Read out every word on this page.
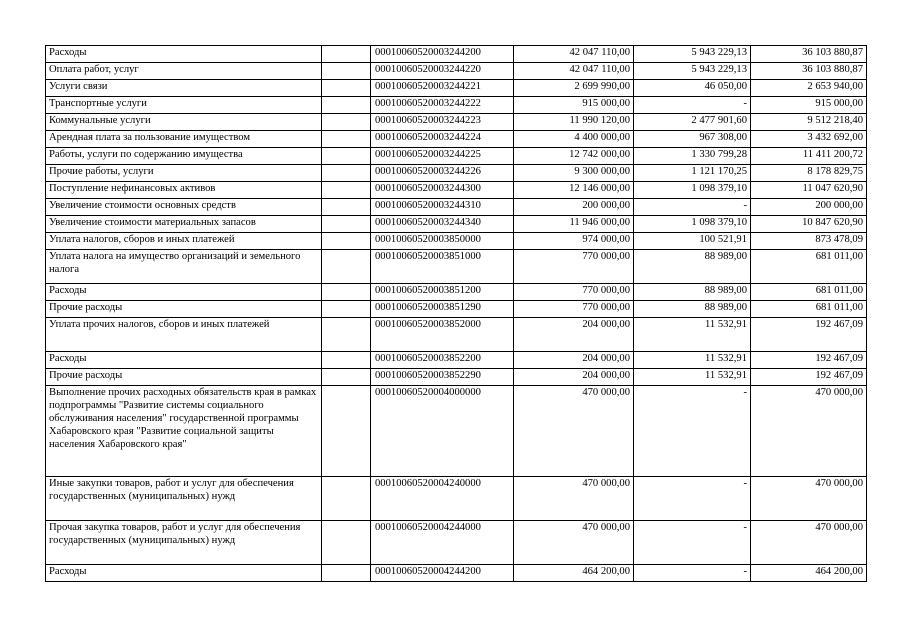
Расходы		00010060520003244200	42 047 110,00	5 943 229,13	36 103 880,87
Оплата работ, услуг		00010060520003244220	42 047 110,00	5 943 229,13	36 103 880,87
Услуги связи		00010060520003244221	2 699 990,00	46 050,00	2 653 940,00
Транспортные услуги		00010060520003244222	915 000,00	-	915 000,00
Коммунальные услуги		00010060520003244223	11 990 120,00	2 477 901,60	9 512 218,40
Арендная плата за пользование имуществом		00010060520003244224	4 400 000,00	967 308,00	3 432 692,00
Работы, услуги по содержанию имущества		00010060520003244225	12 742 000,00	1 330 799,28	11 411 200,72
Прочие работы, услуги		00010060520003244226	9 300 000,00	1 121 170,25	8 178 829,75
Поступление нефинансовых активов		00010060520003244300	12 146 000,00	1 098 379,10	11 047 620,90
Увеличение стоимости основных средств		00010060520003244310	200 000,00	-	200 000,00
Увеличение стоимости материальных запасов		00010060520003244340	11 946 000,00	1 098 379,10	10 847 620,90
Уплата налогов, сборов и иных платежей		00010060520003850000	974 000,00	100 521,91	873 478,09
Уплата налога на имущество организаций и земельного налога		00010060520003851000	770 000,00	88 989,00	681 011,00
Расходы		00010060520003851200	770 000,00	88 989,00	681 011,00
Прочие расходы		00010060520003851290	770 000,00	88 989,00	681 011,00
Уплата прочих налогов, сборов и иных платежей		00010060520003852000	204 000,00	11 532,91	192 467,09
Расходы		00010060520003852200	204 000,00	11 532,91	192 467,09
Прочие расходы		00010060520003852290	204 000,00	11 532,91	192 467,09
Выполнение прочих расходных обязательств края в рамках подпрограммы "Развитие системы социального обслуживания населения" государственной программы Хабаровского края "Развитие социальной защиты населения Хабаровского края"		00010060520004000000	470 000,00	-	470 000,00
Иные закупки товаров, работ и услуг для обеспечения государственных (муниципальных) нужд		00010060520004240000	470 000,00	-	470 000,00
Прочая закупка товаров, работ и услуг для обеспечения государственных (муниципальных) нужд		00010060520004244000	470 000,00	-	470 000,00
Расходы		00010060520004244200	464 200,00	-	464 200,00
